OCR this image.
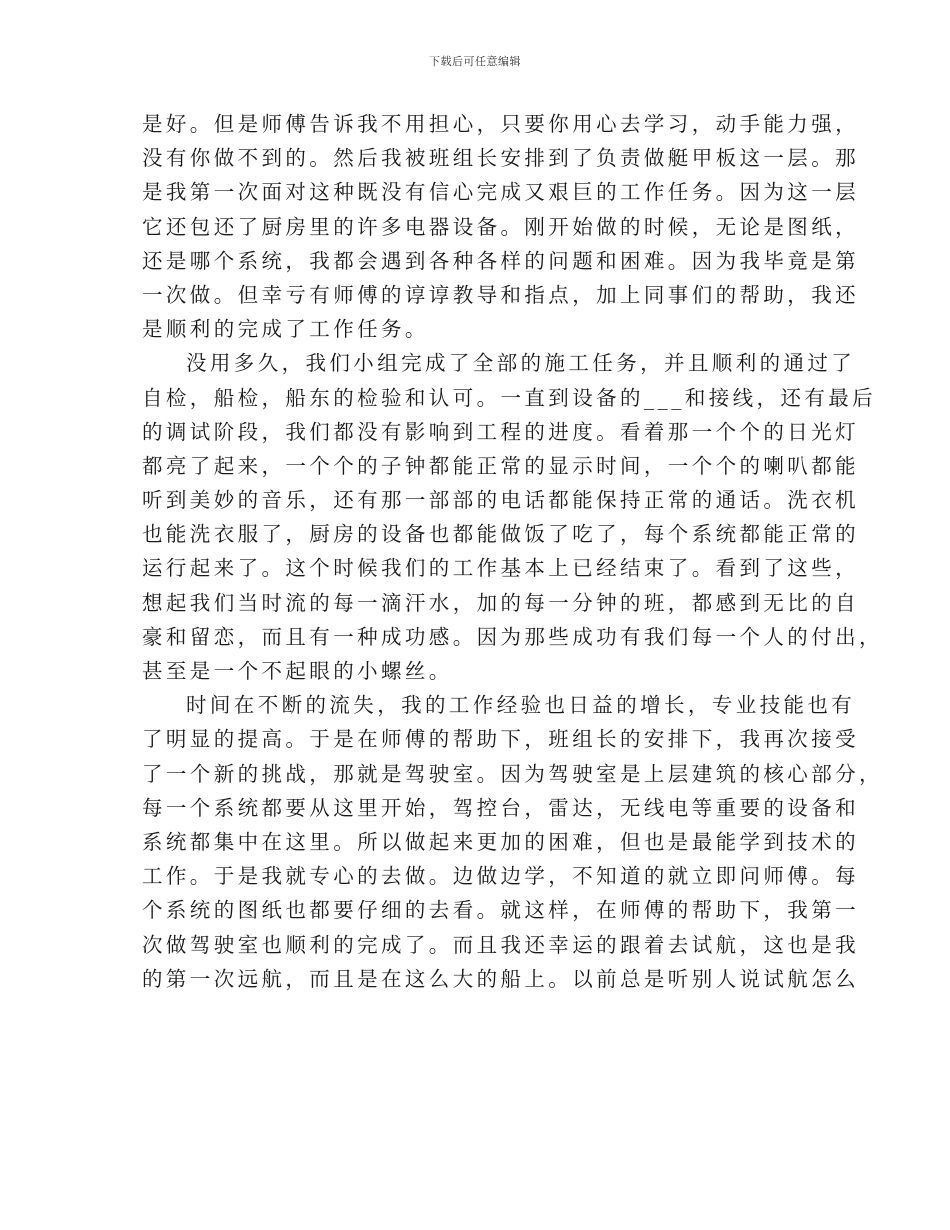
下载后可任意编辑
是好。但是师傅告诉我不用担心，只要你用心去学习，动手能力强，
没有你做不到的。然后我被班组长安排到了负责做艇甲板这一层。那
是我第一次面对这种既没有信心完成又艰巨的工作任务。因为这一层
它还包还了厨房里的许多电器设备。刚开始做的时候，无论是图纸，
还是哪个系统，我都会遇到各种各样的问题和困难。因为我毕竟是第
一次做。但幸亏有师傅的谆谆教导和指点，加上同事们的帮助，我还
是顺利的完成了工作任务。
没用多久，我们小组完成了全部的施工任务，并且顺利的通过了
自检，船检，船东的检验和认可。一直到设备的___和接线，还有最后
的调试阶段，我们都没有影响到工程的进度。看着那一个个的日光灯
都亮了起来，一个个的子钟都能正常的显示时间，一个个的喇叭都能
听到美妙的音乐，还有那一部部的电话都能保持正常的通话。洗衣机
也能洗衣服了，厨房的设备也都能做饭了吃了，每个系统都能正常的
运行起来了。这个时候我们的工作基本上已经结束了。看到了这些，
想起我们当时流的每一滴汗水，加的每一分钟的班，都感到无比的自
豪和留恋，而且有一种成功感。因为那些成功有我们每一个人的付出，
甚至是一个不起眼的小螺丝。
时间在不断的流失，我的工作经验也日益的增长，专业技能也有
了明显的提高。于是在师傅的帮助下，班组长的安排下，我再次接受
了一个新的挑战，那就是驾驶室。因为驾驶室是上层建筑的核心部分，
每一个系统都要从这里开始，驾控台，雷达，无线电等重要的设备和
系统都集中在这里。所以做起来更加的困难，但也是最能学到技术的
工作。于是我就专心的去做。边做边学，不知道的就立即问师傅。每
个系统的图纸也都要仔细的去看。就这样，在师傅的帮助下，我第一
次做驾驶室也顺利的完成了。而且我还幸运的跟着去试航，这也是我
的第一次远航，而且是在这么大的船上。以前总是听别人说试航怎么
